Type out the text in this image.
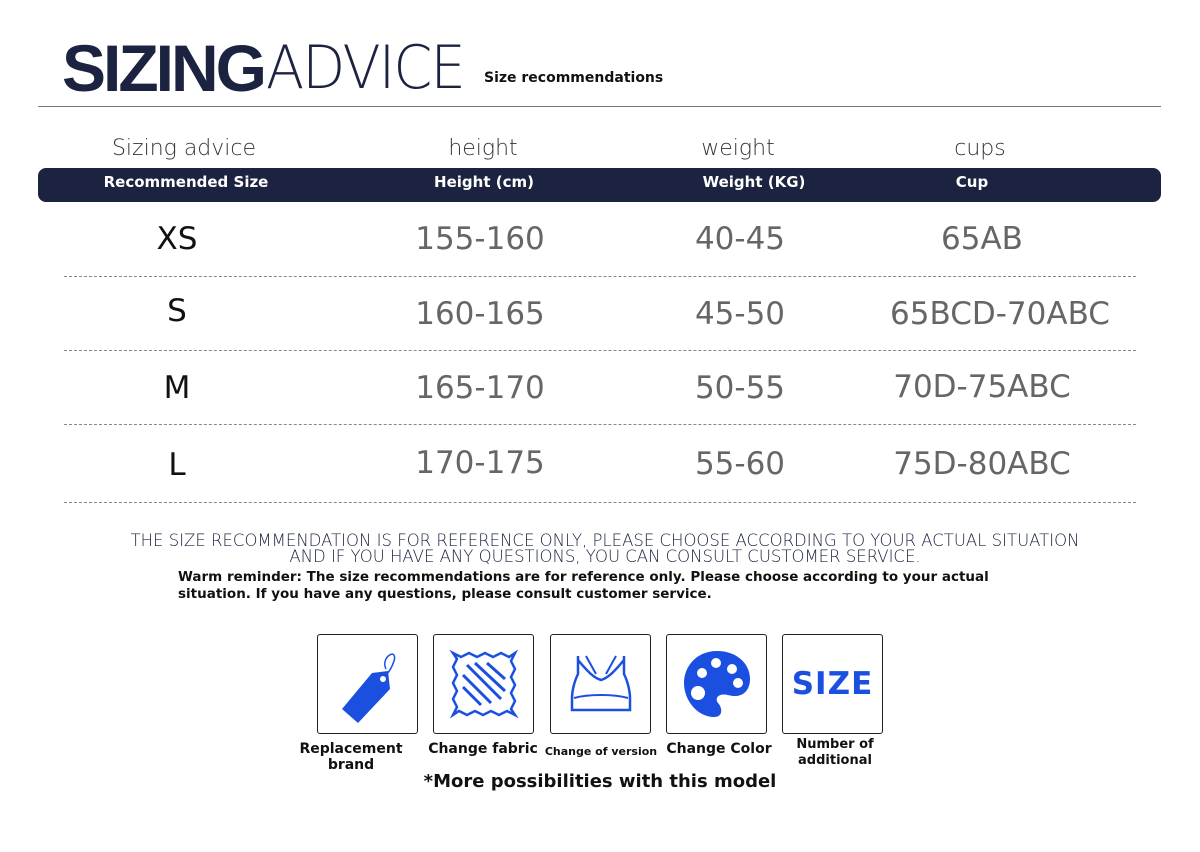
SIZING ADVICE Size recommendations
Sizing advice	height	weight	cups
Recommended Size	Height (cm)	Weight (KG)	Cup
XS	155-160	40-45	65AB
S	160-165	45-50	65BCD-70ABC
M	165-170	50-55	70D-75ABC
L	170-175	55-60	75D-80ABC
THE SIZE RECOMMENDATION IS FOR REFERENCE ONLY, PLEASE CHOOSE ACCORDING TO YOUR ACTUAL SITUATION
AND IF YOU HAVE ANY QUESTIONS, YOU CAN CONSULT CUSTOMER SERVICE.
Warm reminder: The size recommendations are for reference only. Please choose according to your actual situation. If you have any questions, please consult customer service.
Replacement brand
Change fabric Change of version Change Color
SIZE
Number of additional
*More possibilities with this model
